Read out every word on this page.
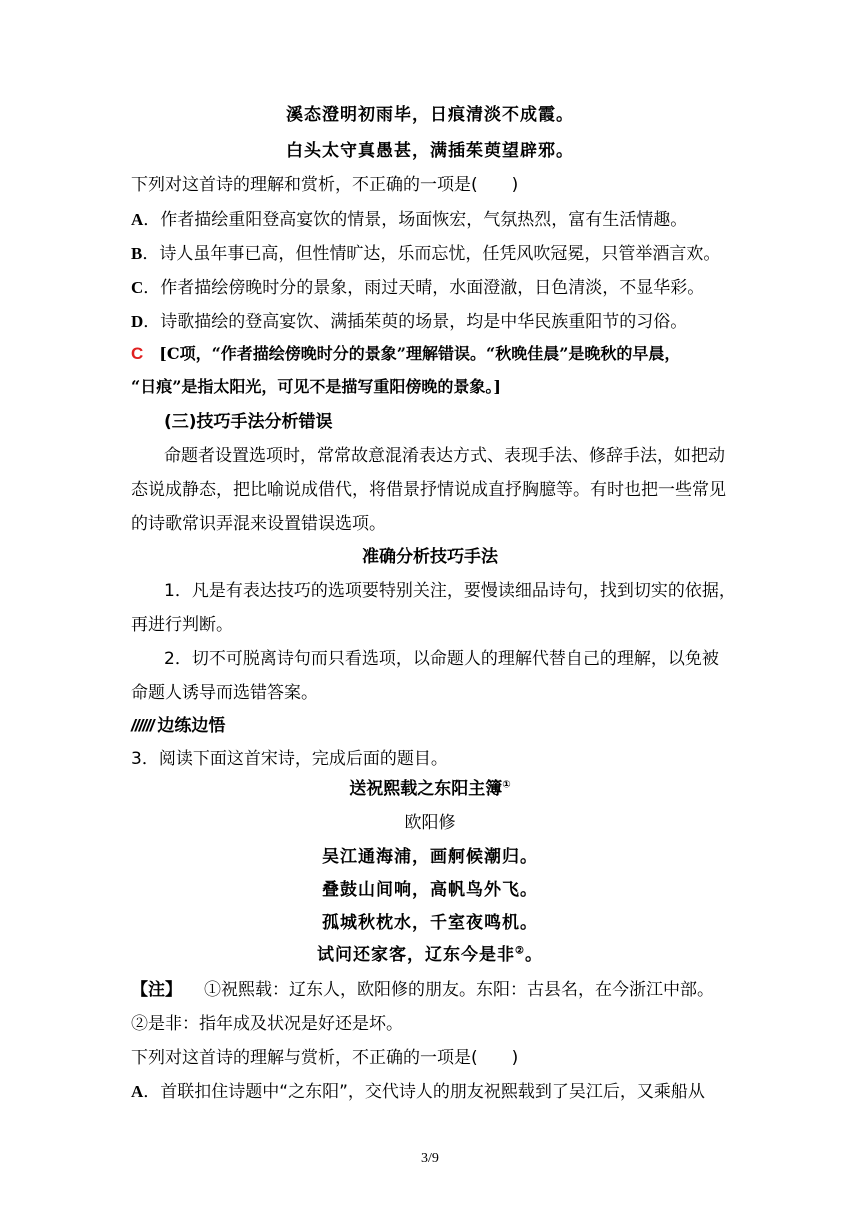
溪态澄明初雨毕，日痕清淡不成霞。
白头太守真愚甚，满插茱萸望辟邪。
下列对这首诗的理解和赏析，不正确的一项是(　　)
A．作者描绘重阳登高宴饮的情景，场面恢宏，气氛热烈，富有生活情趣。
B．诗人虽年事已高，但性情旷达，乐而忘忧，任凭风吹冠冕，只管举酒言欢。
C．作者描绘傍晚时分的景象，雨过天晴，水面澄澈，日色清淡，不显华彩。
D．诗歌描绘的登高宴饮、满插茱萸的场景，均是中华民族重阳节的习俗。
C [C项，“作者描绘傍晚时分的景象”理解错误。“秋晚佳晨”是晚秋的早晨，
“日痕”是指太阳光，可见不是描写重阳傍晚的景象。]
(三)技巧手法分析错误
命题者设置选项时，常常故意混淆表达方式、表现手法、修辞手法，如把动
态说成静态，把比喻说成借代，将借景抒情说成直抒胸臆等。有时也把一些常见
的诗歌常识弄混来设置错误选项。
准确分析技巧手法
1．凡是有表达技巧的选项要特别关注，要慢读细品诗句，找到切实的依据，
再进行判断。
2．切不可脱离诗句而只看选项，以命题人的理解代替自己的理解，以免被
命题人诱导而选错答案。
////// 边练边悟
3．阅读下面这首宋诗，完成后面的题目。
送祝熙载之东阳主簿①
欧阳修
吴江通海浦，画舸候潮归。
叠鼓山间响，高帆鸟外飞。
孤城秋枕水，千室夜鸣机。
试问还家客，辽东今是非②。
【注】 ①祝熙载：辽东人，欧阳修的朋友。东阳：古县名，在今浙江中部。
②是非：指年成及状况是好还是坏。
下列对这首诗的理解与赏析，不正确的一项是(　　)
A．首联扣住诗题中“之东阳”，交代诗人的朋友祝熙载到了吴江后，又乘船从
3/9
